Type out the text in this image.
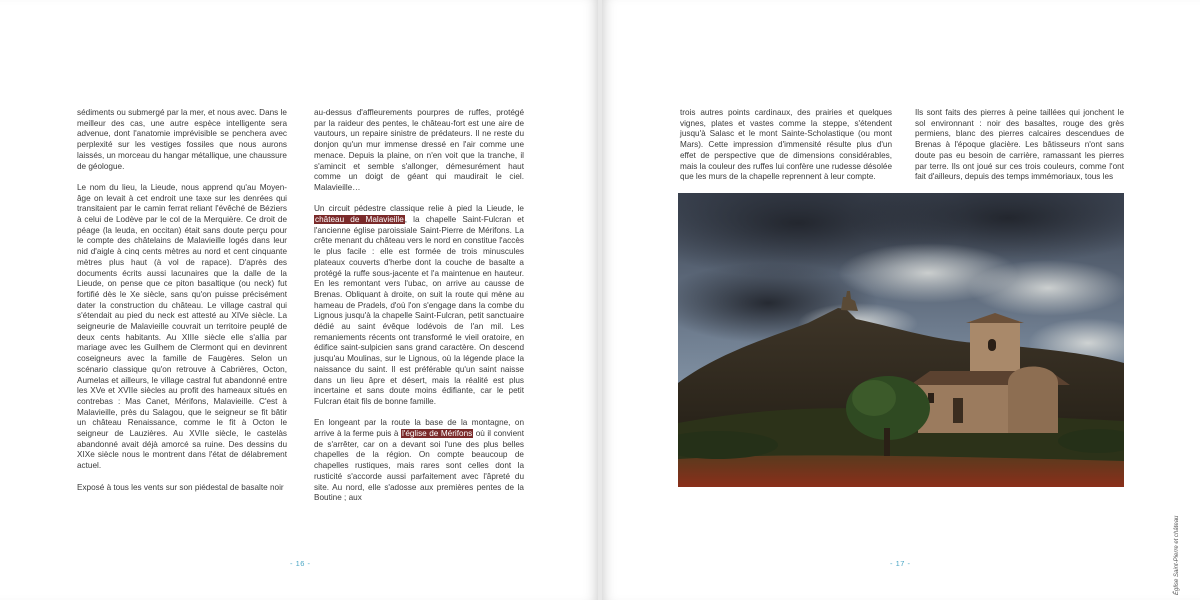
sédiments ou submergé par la mer, et nous avec. Dans le meilleur des cas, une autre espèce intelligente sera advenue, dont l'anatomie imprévisible se penchera avec perplexité sur les vestiges fossiles que nous aurons laissés, un morceau du hangar métallique, une chaussure de géologue.

Le nom du lieu, la Lieude, nous apprend qu'au Moyen-âge on levait à cet endroit une taxe sur les denrées qui transitaient par le camin ferrat reliant l'évêché de Béziers à celui de Lodève par le col de la Merquière. Ce droit de péage (la leuda, en occitan) était sans doute perçu pour le compte des châtelains de Malavieille logés dans leur nid d'aigle à cinq cents mètres au nord et cent cinquante mètres plus haut (à vol de rapace). D'après des documents écrits aussi lacunaires que la dalle de la Lieude, on pense que ce piton basaltique (ou neck) fut fortifié dès le Xe siècle, sans qu'on puisse précisément dater la construction du château. Le village castral qui s'étendait au pied du neck est attesté au XIVe siècle. La seigneurie de Malavieille couvrait un territoire peuplé de deux cents habitants. Au XIIIe siècle elle s'allia par mariage avec les Guilhem de Clermont qui en devinrent coseigneurs avec la famille de Faugères. Selon un scénario classique qu'on retrouve à Cabrières, Octon, Aumelas et ailleurs, le village castral fut abandonné entre les XVe et XVIIe siècles au profit des hameaux situés en contrebas : Mas Canet, Mérifons, Malavieille. C'est à Malavieille, près du Salagou, que le seigneur se fit bâtir un château Renaissance, comme le fit à Octon le seigneur de Lauzières. Au XVIIe siècle, le castelàs abandonné avait déjà amorcé sa ruine. Des dessins du XIXe siècle nous le montrent dans l'état de délabrement actuel.

Exposé à tous les vents sur son piédestal de basalte noir

au-dessus d'affleurements pourpres de ruffes, protégé par la raideur des pentes, le château-fort est une aire de vautours, un repaire sinistre de prédateurs. Il ne reste du donjon qu'un mur immense dressé en l'air comme une menace. Depuis la plaine, on n'en voit que la tranche, il s'amincit et semble s'allonger, démesurément haut comme un doigt de géant qui maudirait le ciel. Malavieille…

Un circuit pédestre classique relie à pied la Lieude, le château de Malavieille, la chapelle Saint-Fulcran et l'ancienne église paroissiale Saint-Pierre de Mérifons. La crête menant du château vers le nord en constitue l'accès le plus facile : elle est formée de trois minuscules plateaux couverts d'herbe dont la couche de basalte a protégé la ruffe sous-jacente et l'a maintenue en hauteur. En les remontant vers l'ubac, on arrive au causse de Brenas. Obliquant à droite, on suit la route qui mène au hameau de Pradels, d'où l'on s'engage dans la combe du Lignous jusqu'à la chapelle Saint-Fulcran, petit sanctuaire dédié au saint évêque lodévois de l'an mil. Les remaniements récents ont transformé le vieil oratoire, en édifice saint-sulpicien sans grand caractère. On descend jusqu'au Moulinas, sur le Lignous, où la légende place la naissance du saint. Il est préférable qu'un saint naisse dans un lieu âpre et désert, mais la réalité est plus incertaine et sans doute moins édifiante, car le petit Fulcran était fils de bonne famille.

En longeant par la route la base de la montagne, on arrive à la ferme puis à l'église de Mérifons où il convient de s'arrêter, car on a devant soi l'une des plus belles chapelles de la région. On compte beaucoup de chapelles rustiques, mais rares sont celles dont la rusticité s'accorde aussi parfaitement avec l'âpreté du site. Au nord, elle s'adosse aux premières pentes de la Boutine ; aux

- 16 -

trois autres points cardinaux, des prairies et quelques vignes, plates et vastes comme la steppe, s'étendent jusqu'à Salasc et le mont Sainte-Scholastique (ou mont Mars). Cette impression d'immensité résulte plus d'un effet de perspective que de dimensions considérables, mais la couleur des ruffes lui confère une rudesse désolée que les murs de la chapelle reprennent à leur compte.

Ils sont faits des pierres à peine taillées qui jonchent le sol environnant : noir des basaltes, rouge des grès permiens, blanc des pierres calcaires descendues de Brenas à l'époque glacière. Les bâtisseurs n'ont sans doute pas eu besoin de carrière, ramassant les pierres par terre. Ils ont joué sur ces trois couleurs, comme l'ont fait d'ailleurs, depuis des temps immémoriaux, tous les

Église Saint-Pierre et château
- 17 -
